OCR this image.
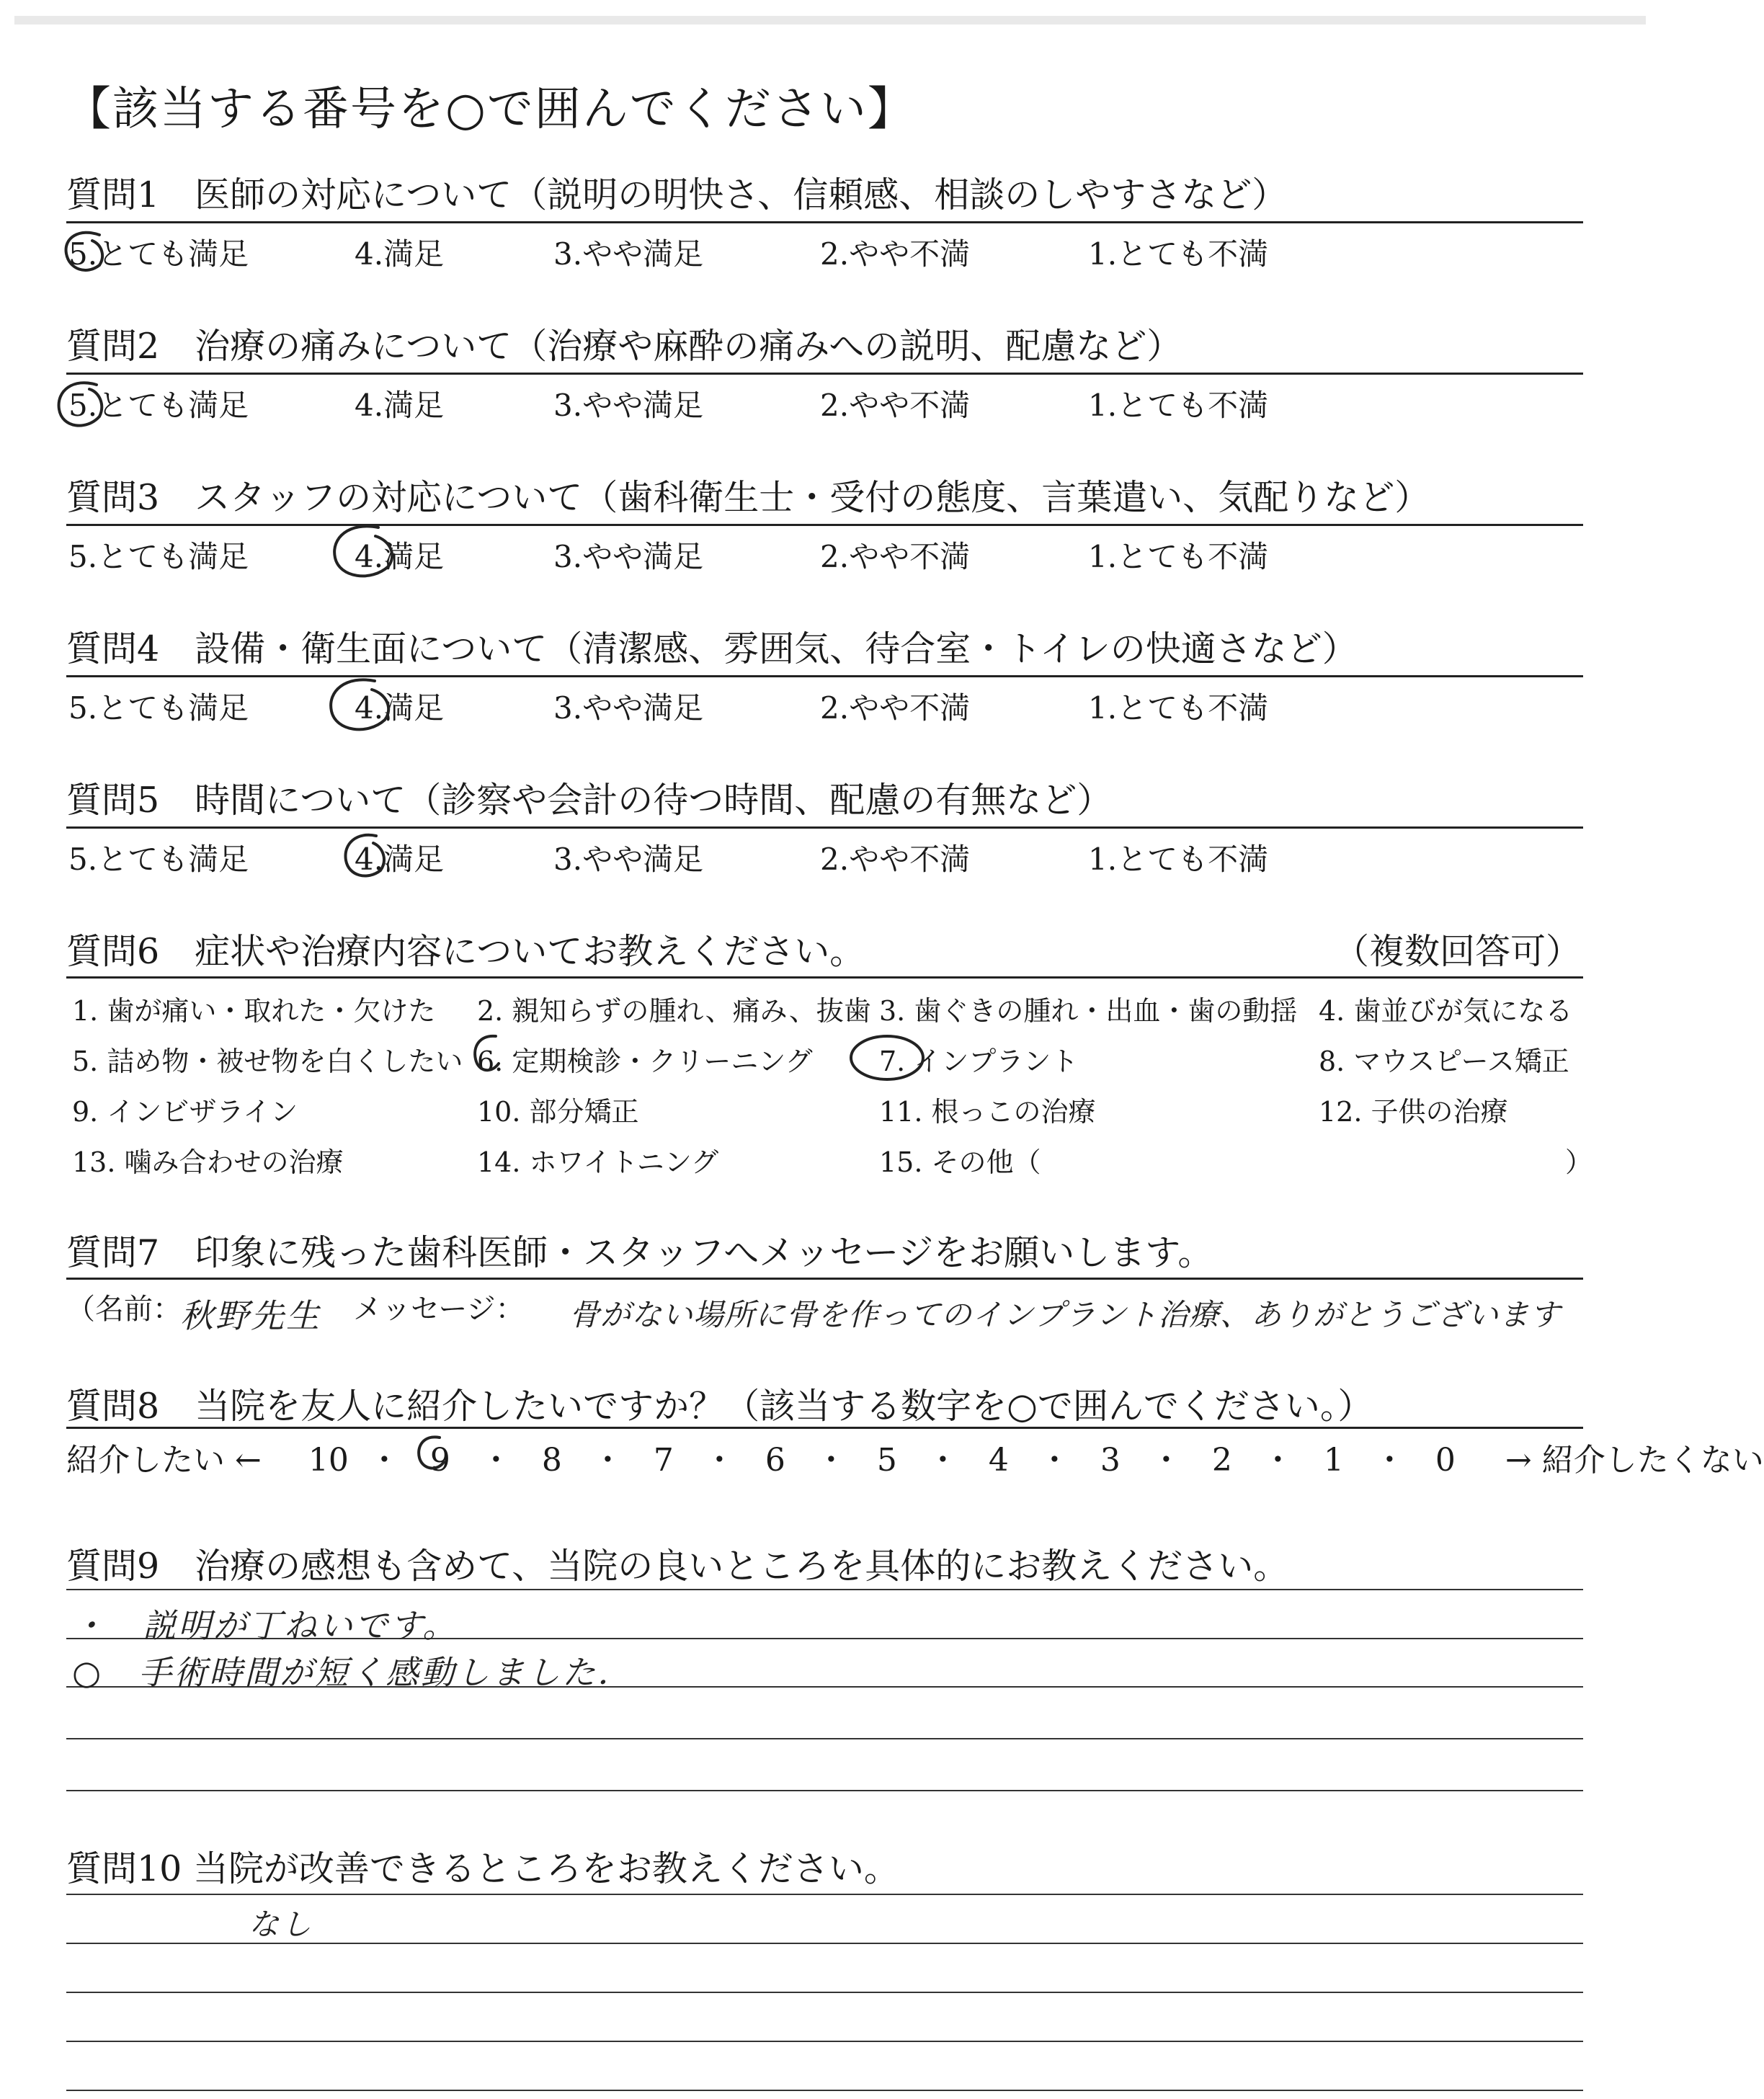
【該当する番号を○で囲んでください】
質問1　医師の対応について（説明の明快さ、信頼感、相談のしやすさなど）
5.とても満足	4.満足	3.やや満足	2.やや不満	1.とても不満
質問2　治療の痛みについて（治療や麻酔の痛みへの説明、配慮など）
5.とても満足	4.満足	3.やや満足	2.やや不満	1.とても不満
質問3　スタッフの対応について（歯科衛生士・受付の態度、言葉遣い、気配りなど）
5.とても満足	4.満足	3.やや満足	2.やや不満	1.とても不満
質問4　設備・衛生面について（清潔感、雰囲気、待合室・トイレの快適さなど）
5.とても満足	4.満足	3.やや満足	2.やや不満	1.とても不満
質問5　時間について（診察や会計の待つ時間、配慮の有無など）
5.とても満足	4.満足	3.やや満足	2.やや不満	1.とても不満
質問6　症状や治療内容についてお教えください。	（複数回答可）
1. 歯が痛い・取れた・欠けた 2. 親知らずの腫れ、痛み、抜歯 3. 歯ぐきの腫れ・出血・歯の動揺 4. 歯並びが気になる
5. 詰め物・被せ物を白くしたい 6. 定期検診・クリーニング 7. インプラント	8. マウスピース矯正
9. インビザライン	10. 部分矯正	11. 根っこの治療	12. 子供の治療
13. 噛み合わせの治療	14. ホワイトニング	15. その他（	）
質問7　印象に残った歯科医師・スタッフへメッセージをお願いします。
（名前：
秋野先生 メッセージ： 骨がない場所に骨を作ってのインプラント治療、ありがとうございます
質問8　当院を友人に紹介したいですか？（該当する数字を○で囲んでください。）
紹介したい ← 10 ・ 9 ・ 8 ・ 7 ・ 6 ・ 5 ・ 4 ・ 3 ・ 2 ・ 1 ・ 0 → 紹介したくない
質問9　治療の感想も含めて、当院の良いところを具体的にお教えください。
・　説明が丁ねいです。
○　手術時間が短く感動しました．
質問10 当院が改善できるところをお教えください。
なし
